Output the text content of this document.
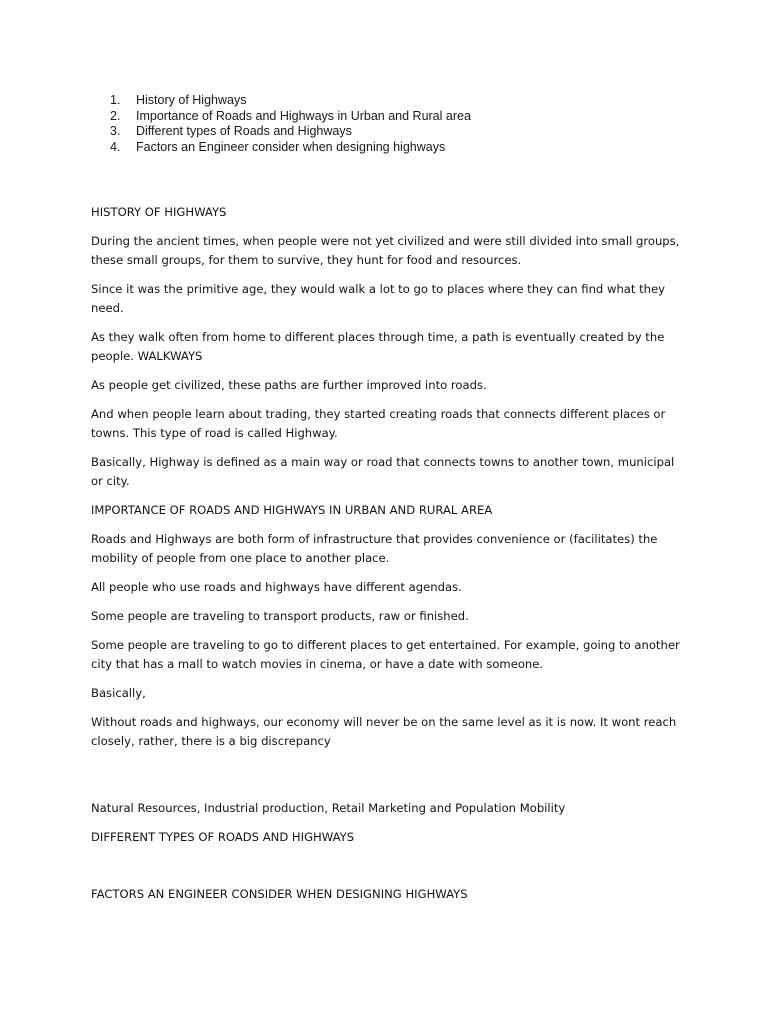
1.	History of Highways
2.	Importance of Roads and Highways in Urban and Rural area
3.	Different types of Roads and Highways
4.	Factors an Engineer consider when designing highways

HISTORY OF HIGHWAYS

During the ancient times, when people were not yet civilized and were still divided into small groups, these small groups, for them to survive, they hunt for food and resources.

Since it was the primitive age, they would walk a lot to go to places where they can find what they need.

As they walk often from home to different places through time, a path is eventually created by the people. WALKWAYS

As people get civilized, these paths are further improved into roads.

And when people learn about trading, they started creating roads that connects different places or towns. This type of road is called Highway.

Basically, Highway is defined as a main way or road that connects towns to another town, municipal or city.

IMPORTANCE OF ROADS AND HIGHWAYS IN URBAN AND RURAL AREA

Roads and Highways are both form of infrastructure that provides convenience or (facilitates) the mobility of people from one place to another place.

All people who use roads and highways have different agendas.

Some people are traveling to transport products, raw or finished.

Some people are traveling to go to different places to get entertained. For example, going to another city that has a mall to watch movies in cinema, or have a date with someone.

Basically,

Without roads and highways, our economy will never be on the same level as it is now. It wont reach closely, rather, there is a big discrepancy

Natural Resources, Industrial production, Retail Marketing and Population Mobility

DIFFERENT TYPES OF ROADS AND HIGHWAYS

FACTORS AN ENGINEER CONSIDER WHEN DESIGNING HIGHWAYS
